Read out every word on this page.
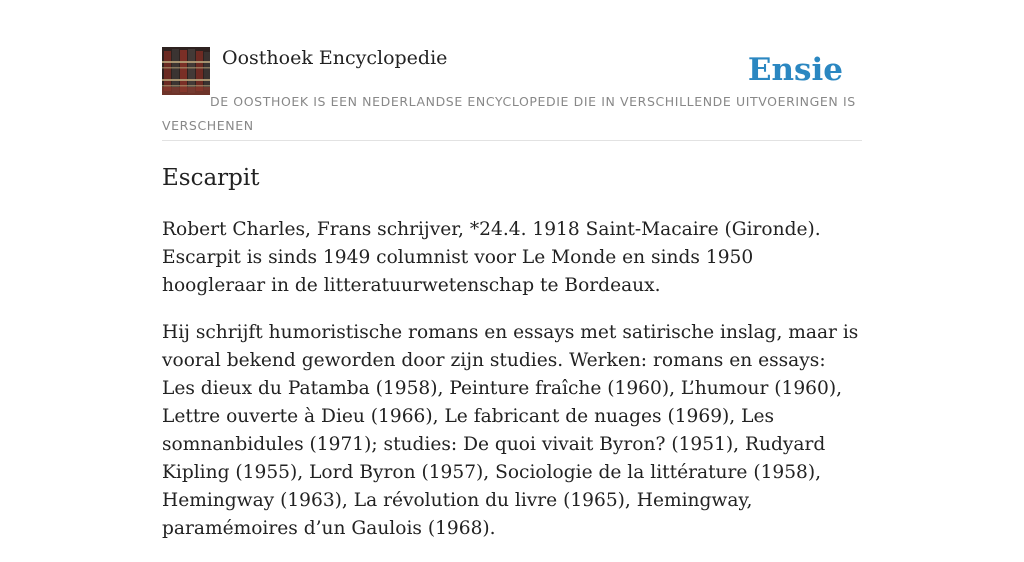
Oosthoek Encyclopedie	Ensie

DE OOSTHOEK IS EEN NEDERLANDSE ENCYCLOPEDIE DIE IN VERSCHILLENDE UITVOERINGEN IS VERSCHENEN

Escarpit

Robert Charles, Frans schrijver, *24.4. 1918 Saint-Macaire (Gironde). Escarpit is sinds 1949 columnist voor Le Monde en sinds 1950 hoogleraar in de litteratuurwetenschap te Bordeaux.

Hij schrijft humoristische romans en essays met satirische inslag, maar is vooral bekend geworden door zijn studies. Werken: romans en essays: Les dieux du Patamba (1958), Peinture fraîche (1960), L’humour (1960), Lettre ouverte à Dieu (1966), Le fabricant de nuages (1969), Les somnanbidules (1971); studies: De quoi vivait Byron? (1951), Rudyard Kipling (1955), Lord Byron (1957), Sociologie de la littérature (1958), Hemingway (1963), La révolution du livre (1965), Hemingway, paramémoires d’un Gaulois (1968).
